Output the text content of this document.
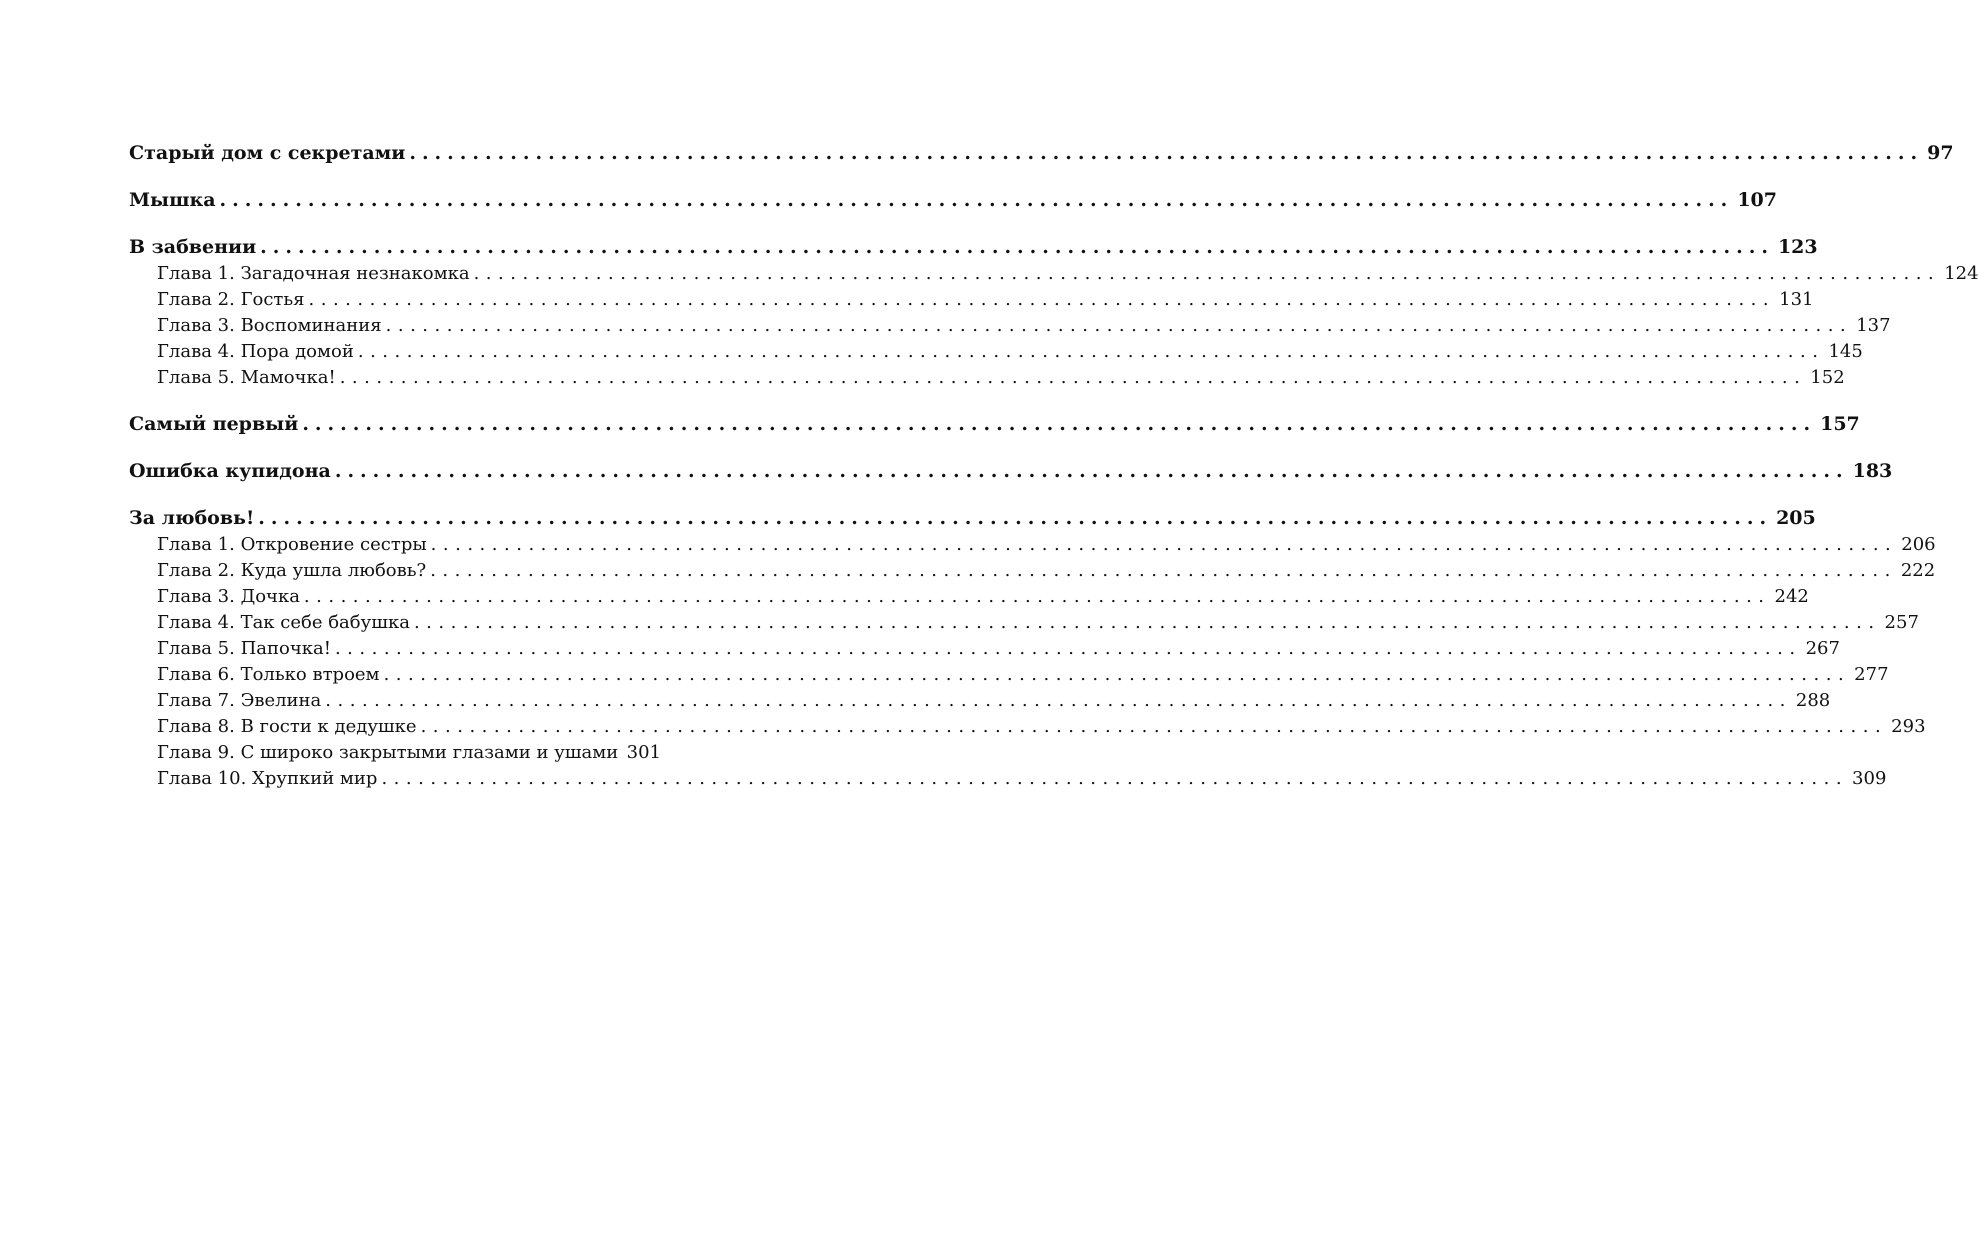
Старый дом с секретами ........................................................................................................................ 97
Мышка ........................................................................................................................ 107
В забвении ........................................................................................................................ 123
Глава 1. Загадочная незнакомка ........................................................................................................................ 124
Глава 2. Гостья ........................................................................................................................ 131
Глава 3. Воспоминания ........................................................................................................................ 137
Глава 4. Пора домой ........................................................................................................................ 145
Глава 5. Мамочка! ........................................................................................................................ 152
Самый первый ........................................................................................................................ 157
Ошибка купидона ........................................................................................................................ 183
За любовь! ........................................................................................................................ 205
Глава 1. Откровение сестры ........................................................................................................................ 206
Глава 2. Куда ушла любовь? ........................................................................................................................ 222
Глава 3. Дочка ........................................................................................................................ 242
Глава 4. Так себе бабушка ........................................................................................................................ 257
Глава 5. Папочка! ........................................................................................................................ 267
Глава 6. Только втроем ........................................................................................................................ 277
Глава 7. Эвелина ........................................................................................................................ 288
Глава 8. В гости к дедушке ........................................................................................................................ 293
Глава 9. С широко закрытыми глазами и ушами 301
Глава 10. Хрупкий мир ........................................................................................................................ 309
